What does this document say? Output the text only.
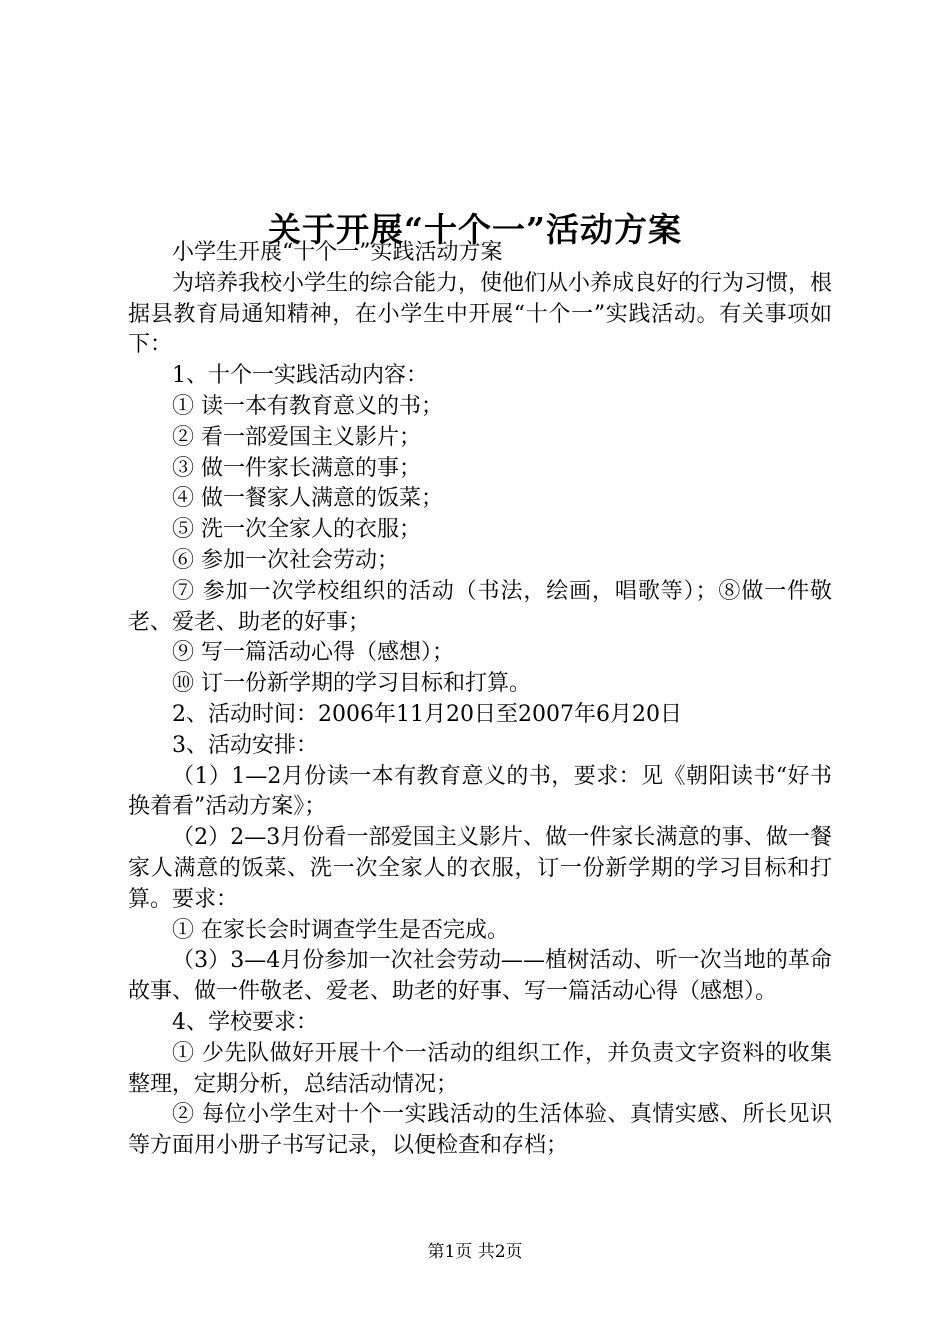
关于开展“十个一”活动方案

小学生开展“十个一”实践活动方案

为培养我校小学生的综合能力，使他们从小养成良好的行为习惯，根据县教育局通知精神，在小学生中开展“十个一”实践活动。有关事项如下：

1、十个一实践活动内容：

① 读一本有教育意义的书；

② 看一部爱国主义影片；

③ 做一件家长满意的事；

④ 做一餐家人满意的饭菜；

⑤ 洗一次全家人的衣服；

⑥ 参加一次社会劳动；

⑦ 参加一次学校组织的活动（书法，绘画，唱歌等）；⑧做一件敬老、爱老、助老的好事；

⑨ 写一篇活动心得（感想）；

⑩ 订一份新学期的学习目标和打算。

2、活动时间：2006年11月20日至2007年6月20日

3、活动安排：

（1）1—2月份读一本有教育意义的书，要求：见《朝阳读书“好书换着看”活动方案》；

（2）2—3月份看一部爱国主义影片、做一件家长满意的事、做一餐家人满意的饭菜、洗一次全家人的衣服，订一份新学期的学习目标和打算。要求：

① 在家长会时调查学生是否完成。

（3）3—4月份参加一次社会劳动——植树活动、听一次当地的革命故事、做一件敬老、爱老、助老的好事、写一篇活动心得（感想）。

4、学校要求：

① 少先队做好开展十个一活动的组织工作，并负责文字资料的收集整理，定期分析，总结活动情况；

② 每位小学生对十个一实践活动的生活体验、真情实感、所长见识等方面用小册子书写记录，以便检查和存档；

第1页 共2页
